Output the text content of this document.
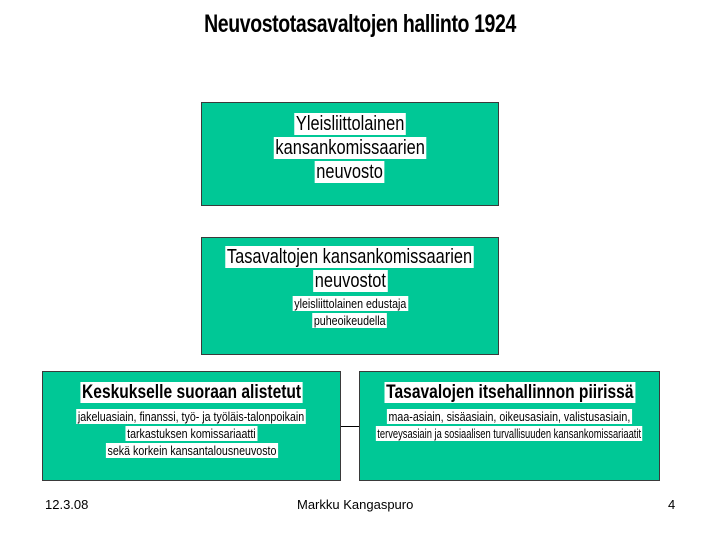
Neuvostotasavaltojen hallinto 1924
Yleisliittolainen
kansankomissaarien
neuvosto
Tasavaltojen kansankomissaarien
neuvostot
yleisliittolainen edustaja
puheoikeudella
Keskukselle suoraan alistetut
jakeluasiain, finanssi, työ- ja työläis-talonpoikain
tarkastuksen komissariaatti
sekä korkein kansantalousneuvosto
Tasavalojen itsehallinnon piirissä
maa-asiain, sisäasiain, oikeusasiain, valistusasiain,
terveysasiain ja sosiaalisen turvallisuuden kansankomissariaatit
12.3.08	Markku Kangaspuro	4
